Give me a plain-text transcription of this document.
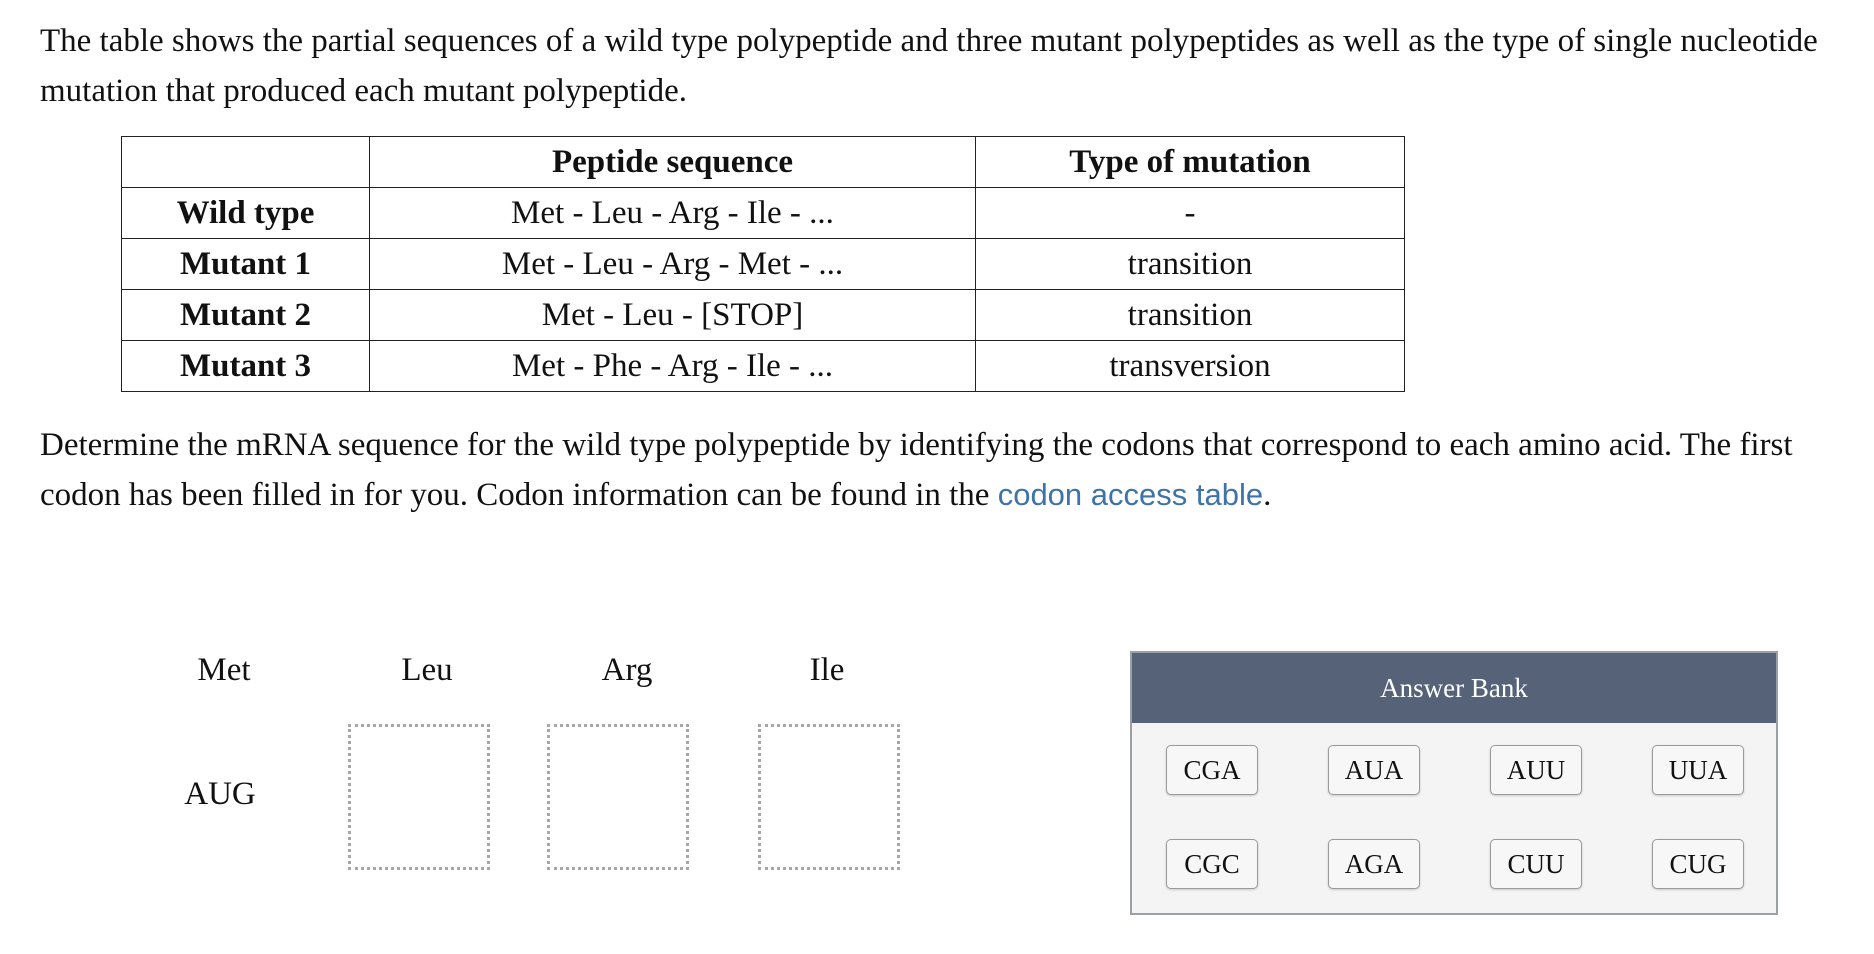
The table shows the partial sequences of a wild type polypeptide and three mutant polypeptides as well as the type of single nucleotide mutation that produced each mutant polypeptide.

	Peptide sequence	Type of mutation
Wild type	Met - Leu - Arg - Ile - ...	-
Mutant 1	Met - Leu - Arg - Met - ...	transition
Mutant 2	Met - Leu - [STOP]	transition
Mutant 3	Met - Phe - Arg - Ile - ...	transversion

Determine the mRNA sequence for the wild type polypeptide by identifying the codons that correspond to each amino acid. The first codon has been filled in for you. Codon information can be found in the codon access table.

Met	Leu	Arg	Ile
AUG
Answer Bank
CGA	AUA	AUU	UUA
CGC	AGA	CUU	CUG
